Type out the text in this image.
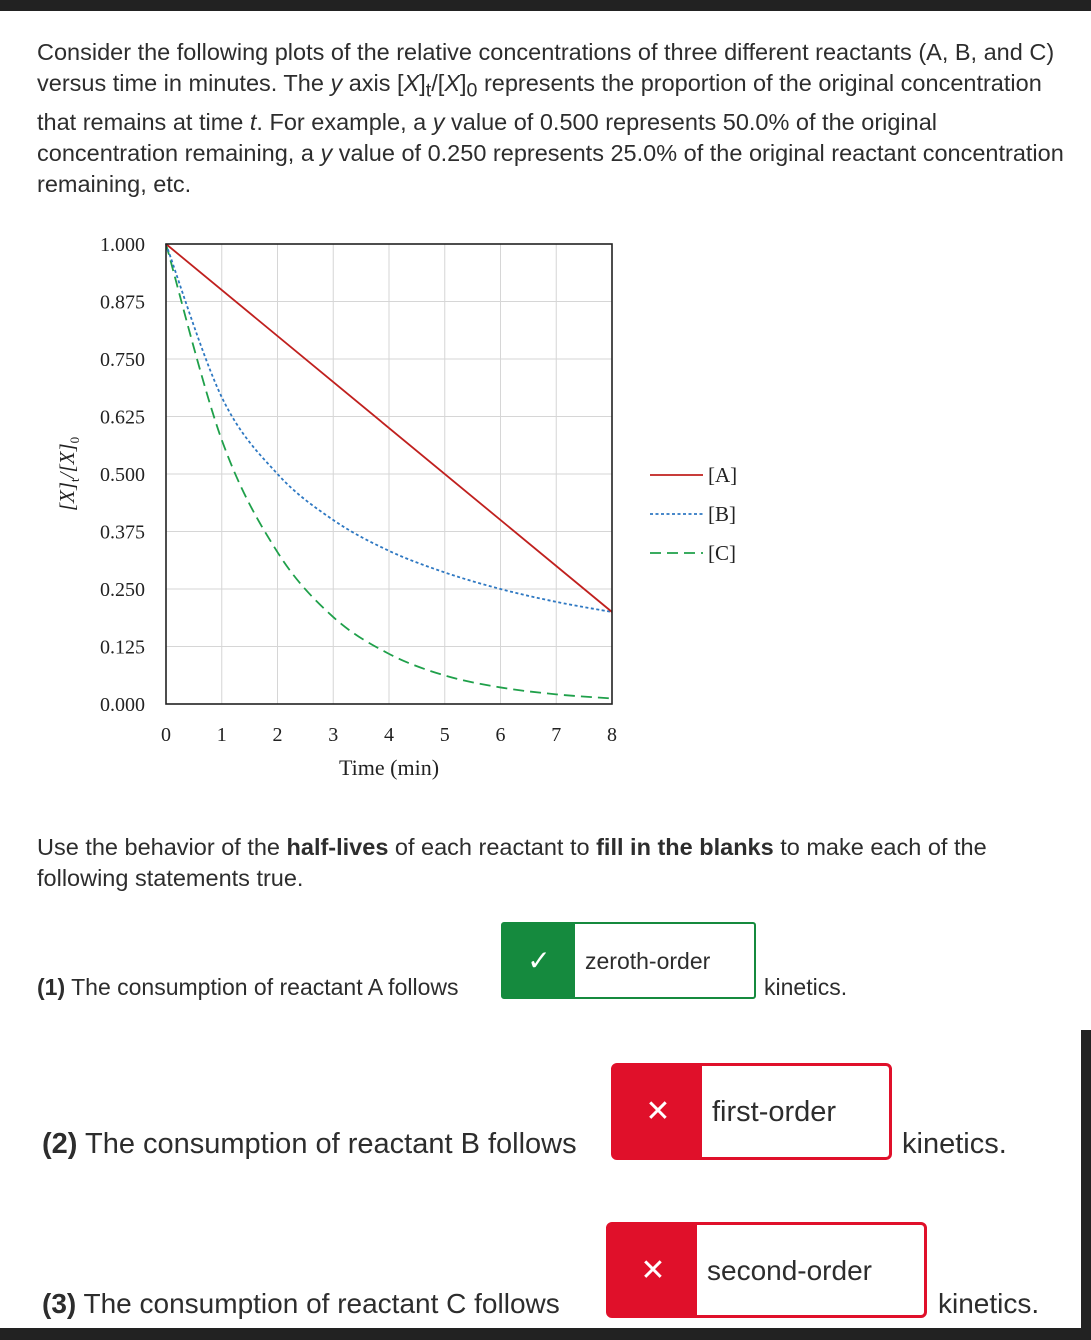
Consider the following plots of the relative concentrations of three different reactants (A, B, and C) versus time in minutes. The y axis $[X]_t/[X]_0$ represents the proportion of the original concentration that remains at time t. For example, a y value of 0.500 represents 50.0% of the original concentration remaining, a y value of 0.250 represents 25.0% of the original reactant concentration remaining, etc.

0.000
0.125
0.250
0.375
0.500
0.625
0.750
0.875
1.000
0 1 2 3 4 5 6 7 8
Time (min)
$[X]_t/[X]_0$
[A]
[B]
[C]

Use the behavior of the half-lives of each reactant to fill in the blanks to make each of the following statements true.

(1) The consumption of reactant A follows
✓	zeroth-order
kinetics.
(2) The consumption of reactant B follows
✕	first-order
kinetics.
(3) The consumption of reactant C follows
✕	second-order
kinetics.
